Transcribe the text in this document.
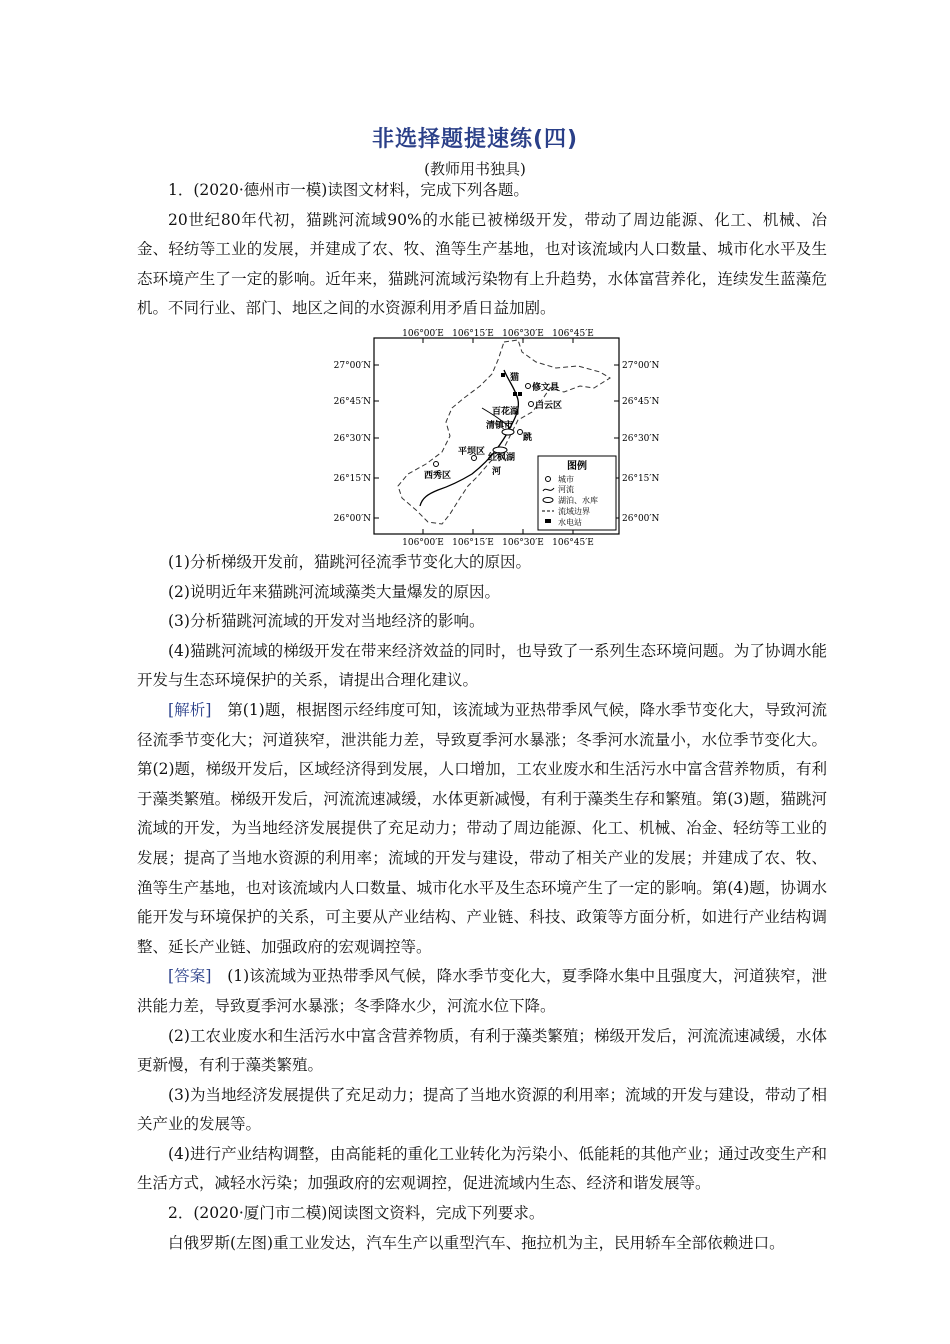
非选择题提速练(四)
(教师用书独具)

1．(2020·德州市一模)读图文材料，完成下列各题。

20世纪80年代初，猫跳河流域90%的水能已被梯级开发，带动了周边能源、化工、机械、冶金、轻纺等工业的发展，并建成了农、牧、渔等生产基地，也对该流域内人口数量、城市化水平及生态环境产生了一定的影响。近年来，猫跳河流域污染物有上升趋势，水体富营养化，连续发生蓝藻危机。不同行业、部门、地区之间的水资源利用矛盾日益加剧。

106°00′E 106°15′E 106°30′E 106°45′E
106°00′E 106°15′E 106°30′E 106°45′E
27°00′N
26°45′N
26°30′N
26°15′N
26°00′N
27°00′N
26°45′N
26°30′N
26°15′N
26°00′N
猫
修文县
白云区
百花湖
清镇市
跳
平坝区
红枫湖
河
西秀区
图例
城市
河流
湖泊、水库
流域边界
水电站

(1)分析梯级开发前，猫跳河径流季节变化大的原因。

(2)说明近年来猫跳河流域藻类大量爆发的原因。

(3)分析猫跳河流域的开发对当地经济的影响。

(4)猫跳河流域的梯级开发在带来经济效益的同时，也导致了一系列生态环境问题。为了协调水能开发与生态环境保护的关系，请提出合理化建议。

[解析]　 第(1)题，根据图示经纬度可知，该流域为亚热带季风气候，降水季节变化大，导致河流径流季节变化大；河道狭窄，泄洪能力差，导致夏季河水暴涨；冬季河水流量小，水位季节变化大。第(2)题，梯级开发后，区域经济得到发展，人口增加，工农业废水和生活污水中富含营养物质，有利于藻类繁殖。梯级开发后，河流流速减缓，水体更新减慢，有利于藻类生存和繁殖。第(3)题，猫跳河流域的开发，为当地经济发展提供了充足动力；带动了周边能源、化工、机械、冶金、轻纺等工业的发展；提高了当地水资源的利用率；流域的开发与建设，带动了相关产业的发展；并建成了农、牧、渔等生产基地，也对该流域内人口数量、城市化水平及生态环境产生了一定的影响。第(4)题，协调水能开发与环境保护的关系，可主要从产业结构、产业链、科技、政策等方面分析，如进行产业结构调整、延长产业链、加强政府的宏观调控等。

[答案]　 (1)该流域为亚热带季风气候，降水季节变化大，夏季降水集中且强度大，河道狭窄，泄洪能力差，导致夏季河水暴涨；冬季降水少，河流水位下降。

(2)工农业废水和生活污水中富含营养物质，有利于藻类繁殖；梯级开发后，河流流速减缓，水体更新慢，有利于藻类繁殖。

(3)为当地经济发展提供了充足动力；提高了当地水资源的利用率；流域的开发与建设，带动了相关产业的发展等。

(4)进行产业结构调整，由高能耗的重化工业转化为污染小、低能耗的其他产业；通过改变生产和生活方式，减轻水污染；加强政府的宏观调控，促进流域内生态、经济和谐发展等。

2．(2020·厦门市二模)阅读图文资料，完成下列要求。

白俄罗斯(左图)重工业发达，汽车生产以重型汽车、拖拉机为主，民用轿车全部依赖进口。
